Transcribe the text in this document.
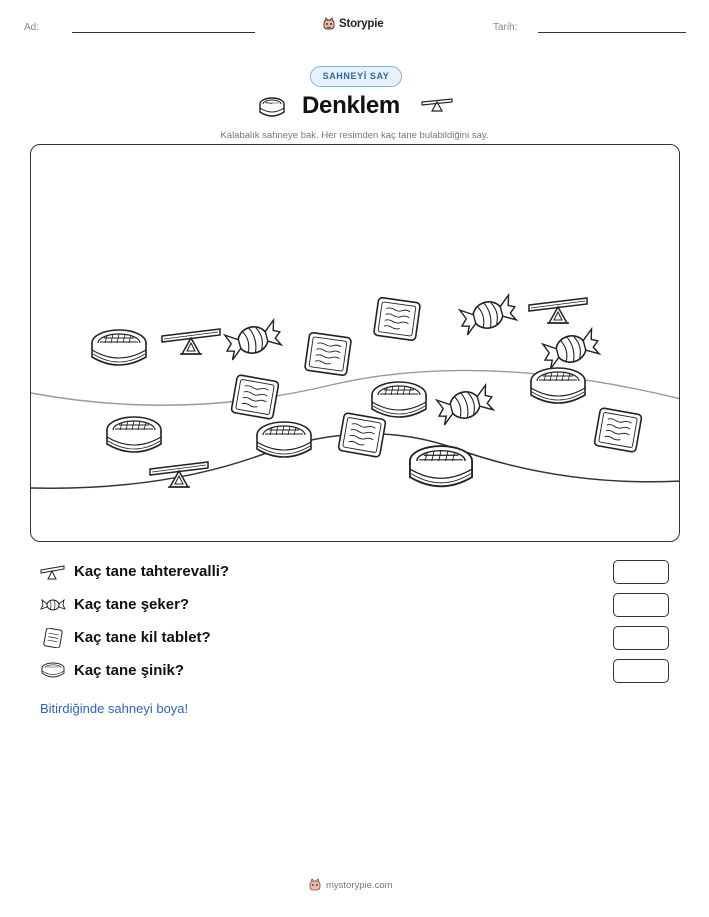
Ad:	Storypie	Tarih:
SAHNEYİ SAY
Denklem
Kalabalık sahneye bak. Her resimden kaç tane bulabildiğini say.
Kaç tane tahterevalli?
Kaç tane şeker?
Kaç tane kil tablet?
Kaç tane şinik?
Bitirdiğinde sahneyi boya!
mystorypie.com
